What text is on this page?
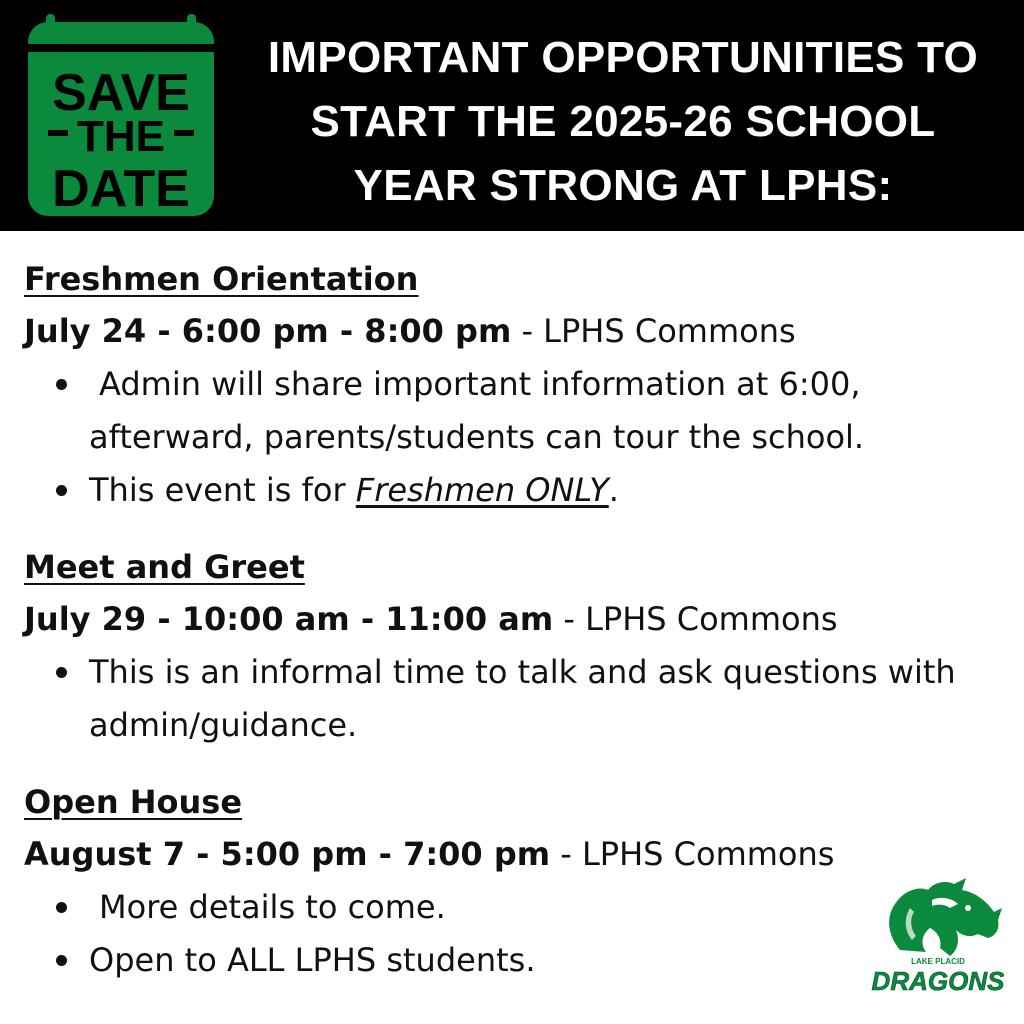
SAVE
THE
DATE
IMPORTANT OPPORTUNITIES TO
START THE 2025-26 SCHOOL
YEAR STRONG AT LPHS:
Freshmen Orientation
July 24 - 6:00 pm - 8:00 pm - LPHS Commons
Admin will share important information at 6:00, afterward, parents/students can tour the school.
This event is for Freshmen ONLY.
Meet and Greet
July 29 - 10:00 am - 11:00 am - LPHS Commons
This is an informal time to talk and ask questions with admin/guidance.
Open House
August 7 - 5:00 pm - 7:00 pm - LPHS Commons
More details to come.
Open to ALL LPHS students.	LAKE PLACID
DRAGONS
